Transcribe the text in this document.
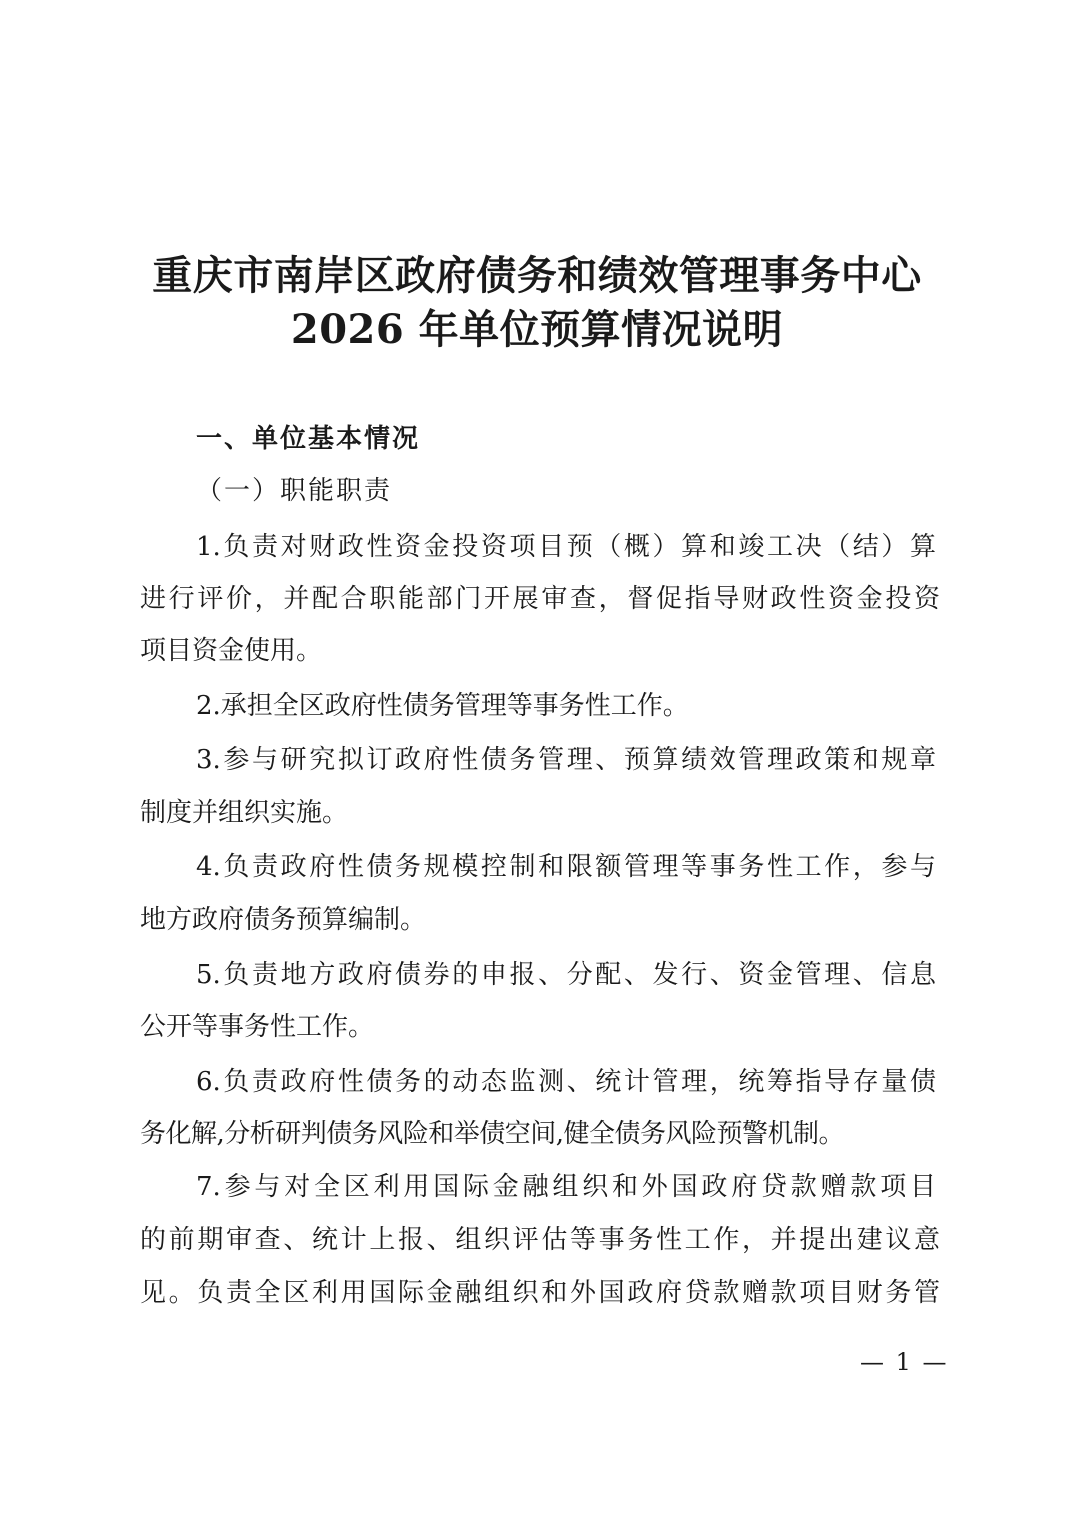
重庆市南岸区政府债务和绩效管理事务中心
2026 年单位预算情况说明
一、单位基本情况
（一）职能职责
1.负责对财政性资金投资项目预（概）算和竣工决（结）算
进行评价，并配合职能部门开展审查，督促指导财政性资金投资
项目资金使用。
2.承担全区政府性债务管理等事务性工作。
3.参与研究拟订政府性债务管理、预算绩效管理政策和规章
制度并组织实施。
4.负责政府性债务规模控制和限额管理等事务性工作，参与
地方政府债务预算编制。
5.负责地方政府债券的申报、分配、发行、资金管理、信息
公开等事务性工作。
6.负责政府性债务的动态监测、统计管理，统筹指导存量债
务化解,分析研判债务风险和举债空间,健全债务风险预警机制。
7.参与对全区利用国际金融组织和外国政府贷款赠款项目
的前期审查、统计上报、组织评估等事务性工作，并提出建议意
见。负责全区利用国际金融组织和外国政府贷款赠款项目财务管
— 1 —
